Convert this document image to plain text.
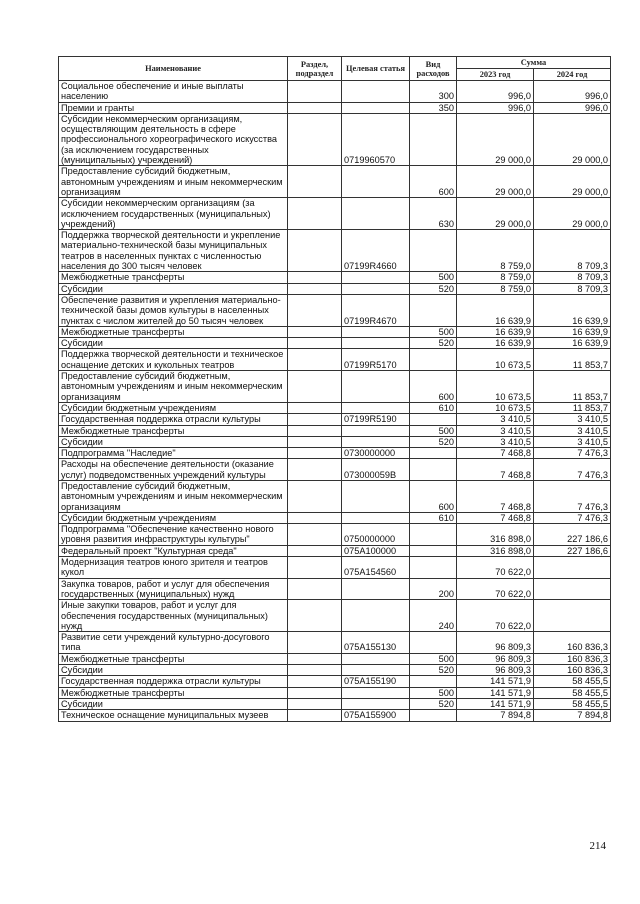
Наименование	Раздел, подраздел	Целевая статья	Вид расходов	Сумма	
				2023 год	2024 год
Социальное обеспечение и иные выплаты населению			300	996,0	996,0
Премии и гранты			350	996,0	996,0
Субсидии некоммерческим организациям, осуществляющим деятельность в сфере профессионального хореографического искусства (за исключением государственных (муниципальных) учреждений)		0719960570		29 000,0	29 000,0
Предоставление субсидий бюджетным, автономным учреждениям и иным некоммерческим организациям			600	29 000,0	29 000,0
Субсидии некоммерческим организациям (за исключением государственных (муниципальных) учреждений)			630	29 000,0	29 000,0
Поддержка творческой деятельности и укрепление материально-технической базы муниципальных театров в населенных пунктах с численностью населения до 300 тысяч человек		07199R4660		8 759,0	8 709,3
Межбюджетные трансферты			500	8 759,0	8 709,3
Субсидии			520	8 759,0	8 709,3
Обеспечение развития и укрепления материально-технической базы домов культуры в населенных пунктах с числом жителей до 50 тысяч человек		07199R4670		16 639,9	16 639,9
Межбюджетные трансферты			500	16 639,9	16 639,9
Субсидии			520	16 639,9	16 639,9
Поддержка творческой деятельности и техническое оснащение детских и кукольных театров		07199R5170		10 673,5	11 853,7
Предоставление субсидий бюджетным, автономным учреждениям и иным некоммерческим организациям			600	10 673,5	11 853,7
Субсидии бюджетным учреждениям			610	10 673,5	11 853,7
Государственная поддержка отрасли культуры		07199R5190		3 410,5	3 410,5
Межбюджетные трансферты			500	3 410,5	3 410,5
Субсидии			520	3 410,5	3 410,5
Подпрограмма "Наследие"		0730000000		7 468,8	7 476,3
Расходы на обеспечение деятельности (оказание услуг) подведомственных учреждений культуры		073000059В		7 468,8	7 476,3
Предоставление субсидий бюджетным, автономным учреждениям и иным некоммерческим организациям			600	7 468,8	7 476,3
Субсидии бюджетным учреждениям			610	7 468,8	7 476,3
Подпрограмма "Обеспечение качественно нового уровня развития инфраструктуры культуры"		0750000000		316 898,0	227 186,6
Федеральный проект "Культурная среда"		075А100000		316 898,0	227 186,6
Модернизация театров юного зрителя и театров кукол		075А154560		70 622,0	
Закупка товаров, работ и услуг для обеспечения государственных (муниципальных) нужд			200	70 622,0	
Иные закупки товаров, работ и услуг для обеспечения государственных (муниципальных) нужд			240	70 622,0	
Развитие сети учреждений культурно-досугового типа		075А155130		96 809,3	160 836,3
Межбюджетные трансферты			500	96 809,3	160 836,3
Субсидии			520	96 809,3	160 836,3
Государственная поддержка отрасли культуры		075А155190		141 571,9	58 455,5
Межбюджетные трансферты			500	141 571,9	58 455,5
Субсидии			520	141 571,9	58 455,5
Техническое оснащение муниципальных музеев		075А155900		7 894,8	7 894,8
214
